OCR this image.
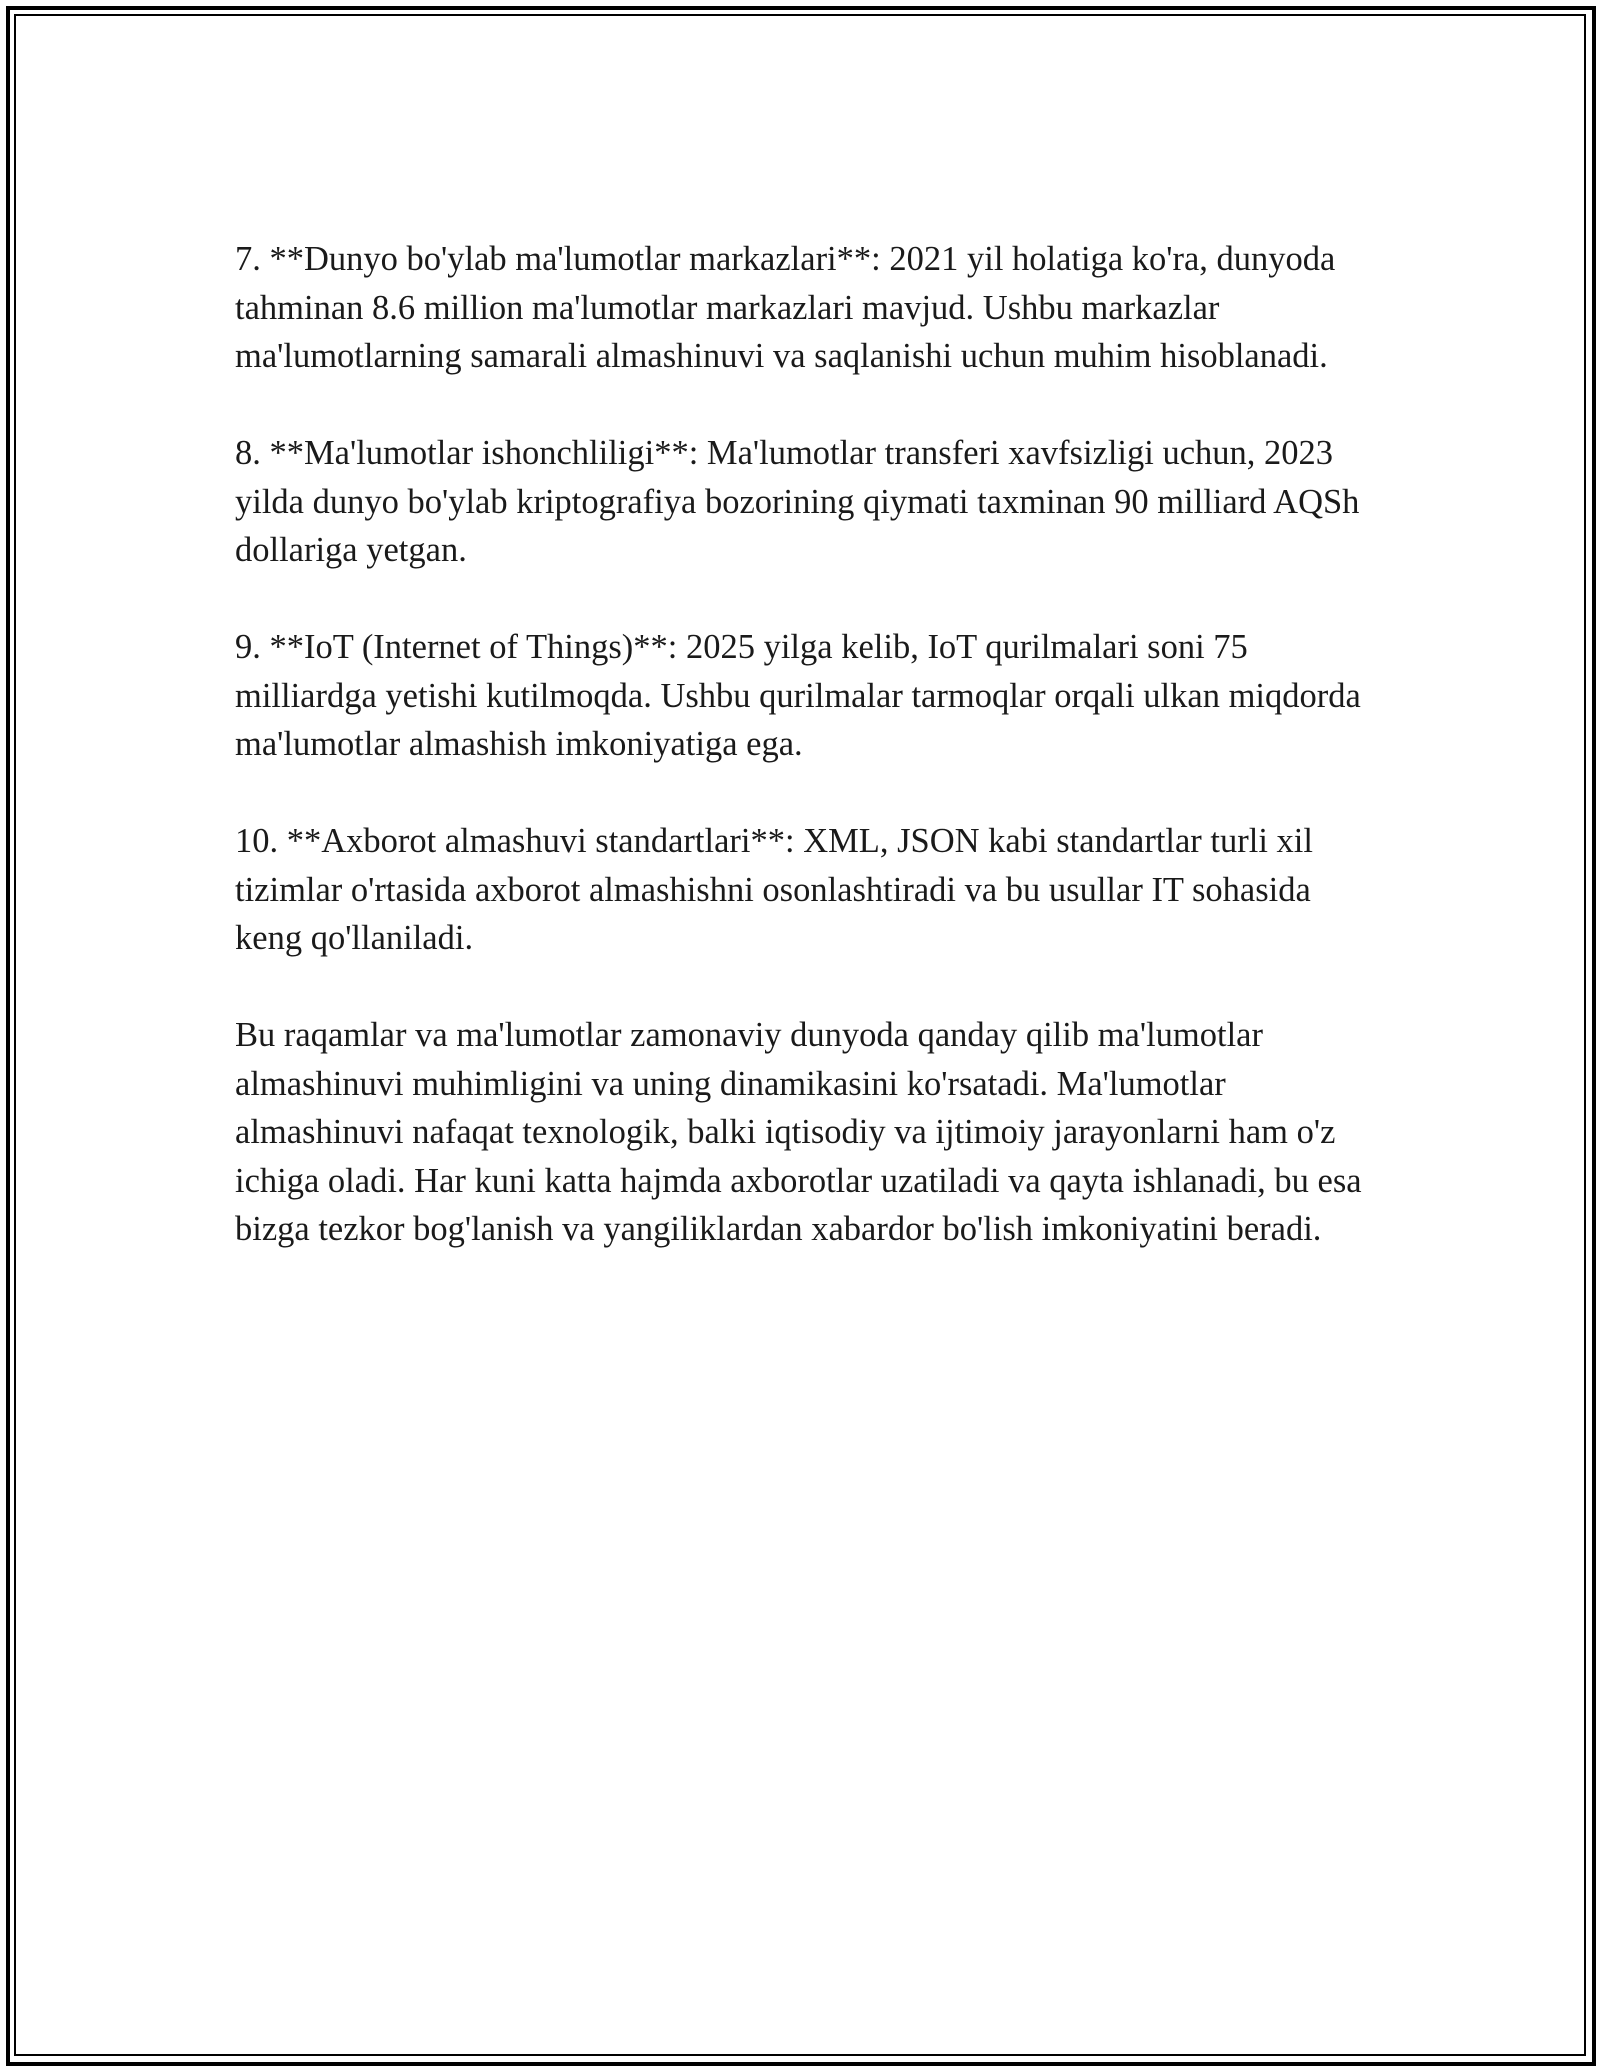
7. **Dunyo bo'ylab ma'lumotlar markazlari**: 2021 yil holatiga ko'ra, dunyoda tahminan 8.6 million ma'lumotlar markazlari mavjud. Ushbu markazlar ma'lumotlarning samarali almashinuvi va saqlanishi uchun muhim hisoblanadi.

8. **Ma'lumotlar ishonchliligi**: Ma'lumotlar transferi xavfsizligi uchun, 2023 yilda dunyo bo'ylab kriptografiya bozorining qiymati taxminan 90 milliard AQSh dollariga yetgan.

9. **IoT (Internet of Things)**: 2025 yilga kelib, IoT qurilmalari soni 75 milliardga yetishi kutilmoqda. Ushbu qurilmalar tarmoqlar orqali ulkan miqdorda ma'lumotlar almashish imkoniyatiga ega.

10. **Axborot almashuvi standartlari**: XML, JSON kabi standartlar turli xil tizimlar o'rtasida axborot almashishni osonlashtiradi va bu usullar IT sohasida keng qo'llaniladi.

Bu raqamlar va ma'lumotlar zamonaviy dunyoda qanday qilib ma'lumotlar almashinuvi muhimligini va uning dinamikasini ko'rsatadi. Ma'lumotlar almashinuvi nafaqat texnologik, balki iqtisodiy va ijtimoiy jarayonlarni ham o'z ichiga oladi. Har kuni katta hajmda axborotlar uzatiladi va qayta ishlanadi, bu esa bizga tezkor bog'lanish va yangiliklardan xabardor bo'lish imkoniyatini beradi.
